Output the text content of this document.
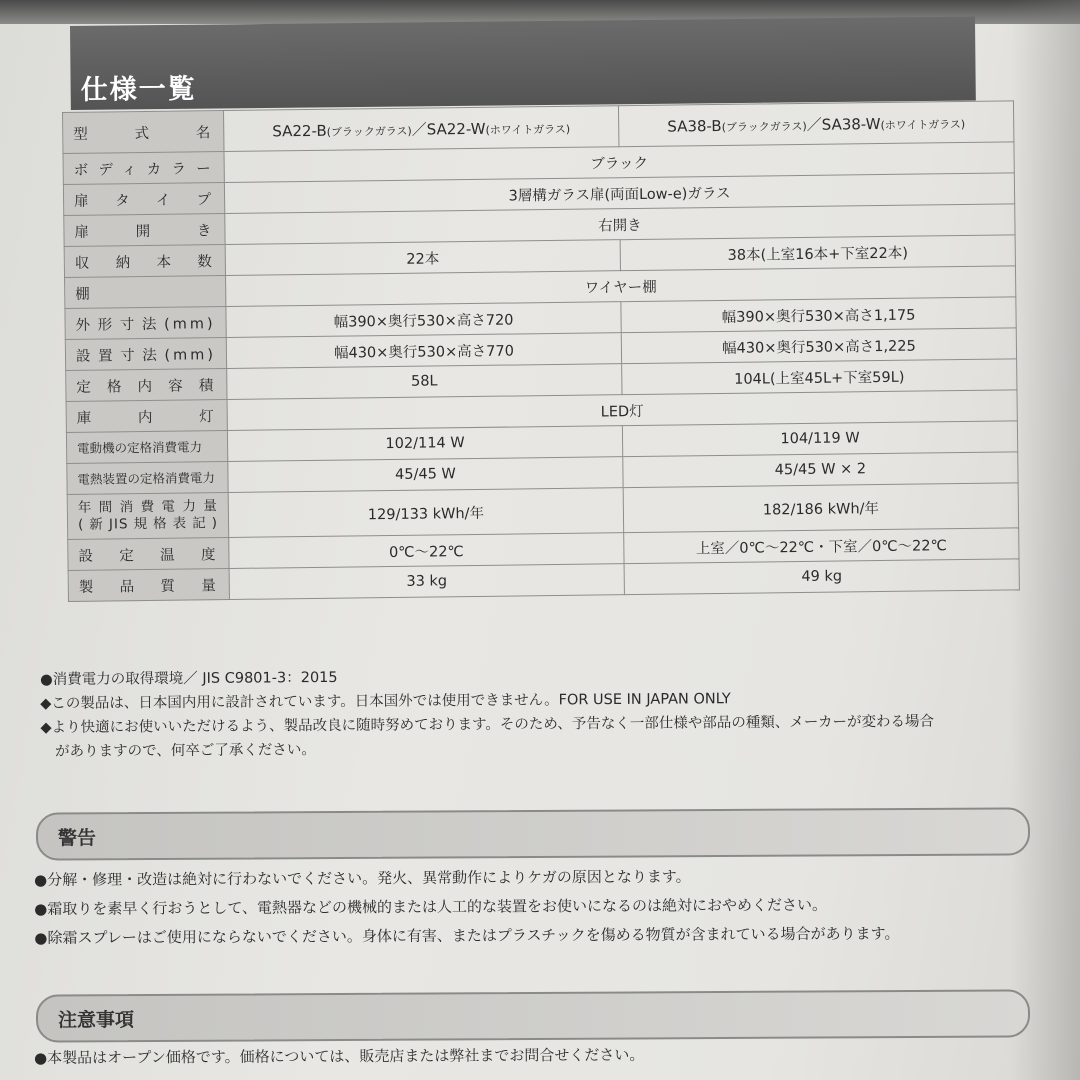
仕様一覧
型式名	SA22-B(ブラックガラス)／SA22-W(ホワイトガラス)	SA38-B(ブラックガラス)／SA38-W(ホワイトガラス)
ボディカラー	ブラック	
扉タイプ	3層構ガラス扉(両面Low-e)ガラス	
扉開き	右開き	
収納本数	22本	38本(上室16本+下室22本)
棚	ワイヤー棚	
外形寸法(mm)	幅390×奥行530×高さ720	幅390×奥行530×高さ1,175
設置寸法(mm)	幅430×奥行530×高さ770	幅430×奥行530×高さ1,225
定格内容積	58L	104L(上室45L+下室59L)
庫内灯	LED灯	
電動機の定格消費電力	102/114 W	104/119 W
電熱装置の定格消費電力	45/45 W	45/45 W × 2

年間消費電力量
(新JIS規格表記)	129/133 kWh/年	182/186 kWh/年
設定温度	0℃〜22℃	上室／0℃〜22℃・下室／0℃〜22℃
製品質量	33 kg	49 kg

●消費電力の取得環境／ JIS C9801-3：2015

◆この製品は、日本国内用に設計されています。日本国外では使用できません。FOR USE IN JAPAN ONLY

◆より快適にお使いいただけるよう、製品改良に随時努めております。そのため、予告なく一部仕様や部品の種類、メーカーが変わる場合

　がありますので、何卒ご了承ください。

警告

●分解・修理・改造は絶対に行わないでください。発火、異常動作によりケガの原因となります。

●霜取りを素早く行おうとして、電熱器などの機械的または人工的な装置をお使いになるのは絶対におやめください。

●除霜スプレーはご使用にならないでください。身体に有害、またはプラスチックを傷める物質が含まれている場合があります。

注意事項

●本製品はオープン価格です。価格については、販売店または弊社までお問合せください。
